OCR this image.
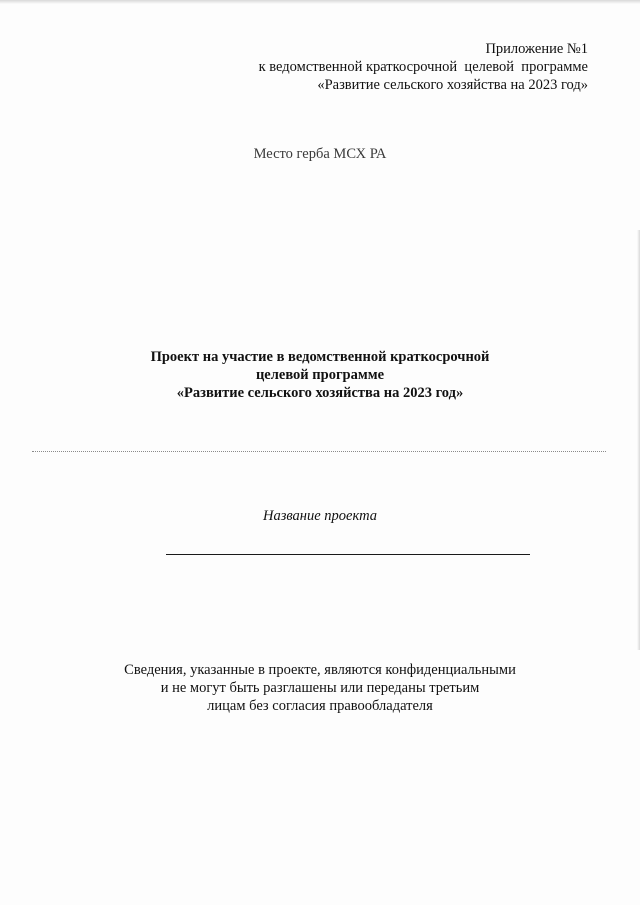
Приложение №1
к ведомственной краткосрочной  целевой  программе
«Развитие сельского хозяйства на 2023 год»
Место герба МСХ РА
Проект на участие в ведомственной краткосрочной
целевой программе
«Развитие сельского хозяйства на 2023 год»
Название проекта
Сведения, указанные в проекте, являются конфиденциальными
и не могут быть разглашены или переданы третьим
лицам без согласия правообладателя
